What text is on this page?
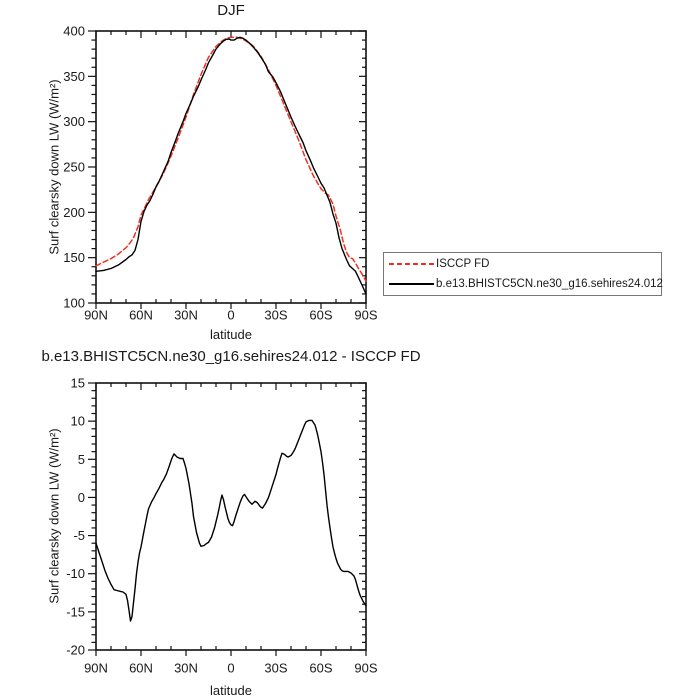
90N 60N 30N 0 30S 60S 90S
100
150
200
250
300
350
400
90N 60N 30N 0 30S 60S 90S
-20
-15
-10
-5
0
5
10
15
DJF
Surf clearsky down LW (W/m²)
latitude
ISCCP FD
b.e13.BHISTC5CN.ne30_g16.sehires24.012
b.e13.BHISTC5CN.ne30_g16.sehires24.012 - ISCCP FD
Surf clearsky down LW (W/m²)
latitude
